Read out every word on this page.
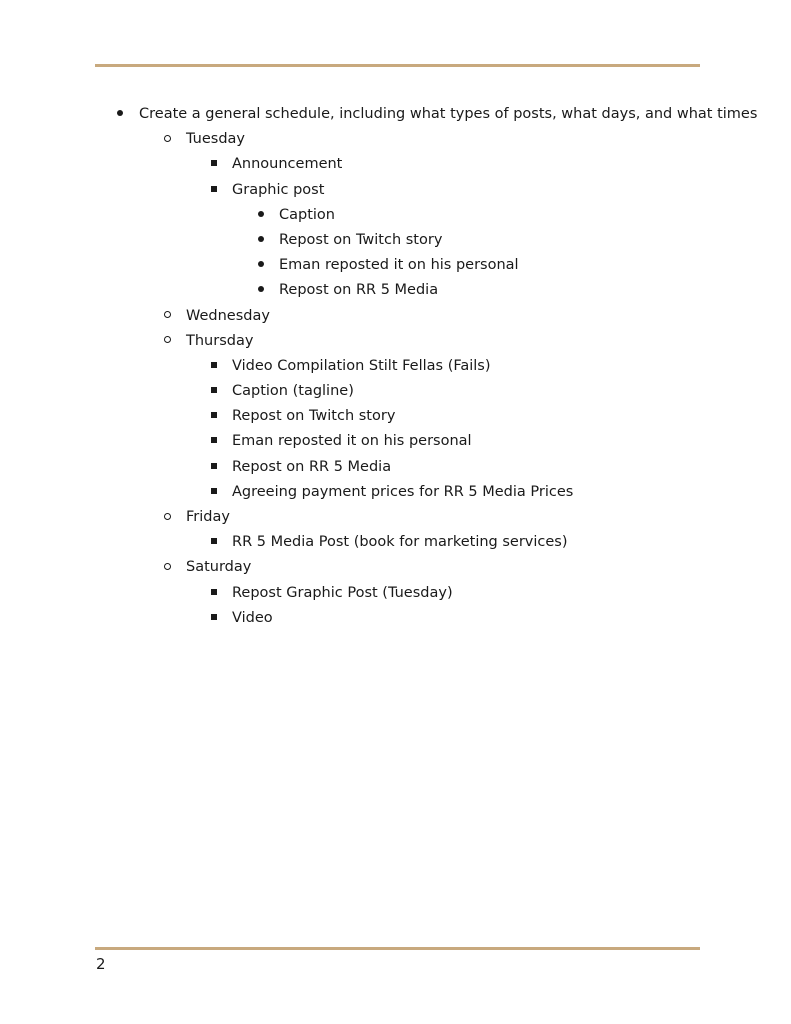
Create a general schedule, including what types of posts, what days, and what times
Tuesday
Announcement
Graphic post
Caption
Repost on Twitch story
Eman reposted it on his personal
Repost on RR 5 Media
Wednesday
Thursday
Video Compilation Stilt Fellas (Fails)
Caption (tagline)
Repost on Twitch story
Eman reposted it on his personal
Repost on RR 5 Media
Agreeing payment prices for RR 5 Media Prices
Friday
RR 5 Media Post (book for marketing services)
Saturday
Repost Graphic Post (Tuesday)
Video
2
